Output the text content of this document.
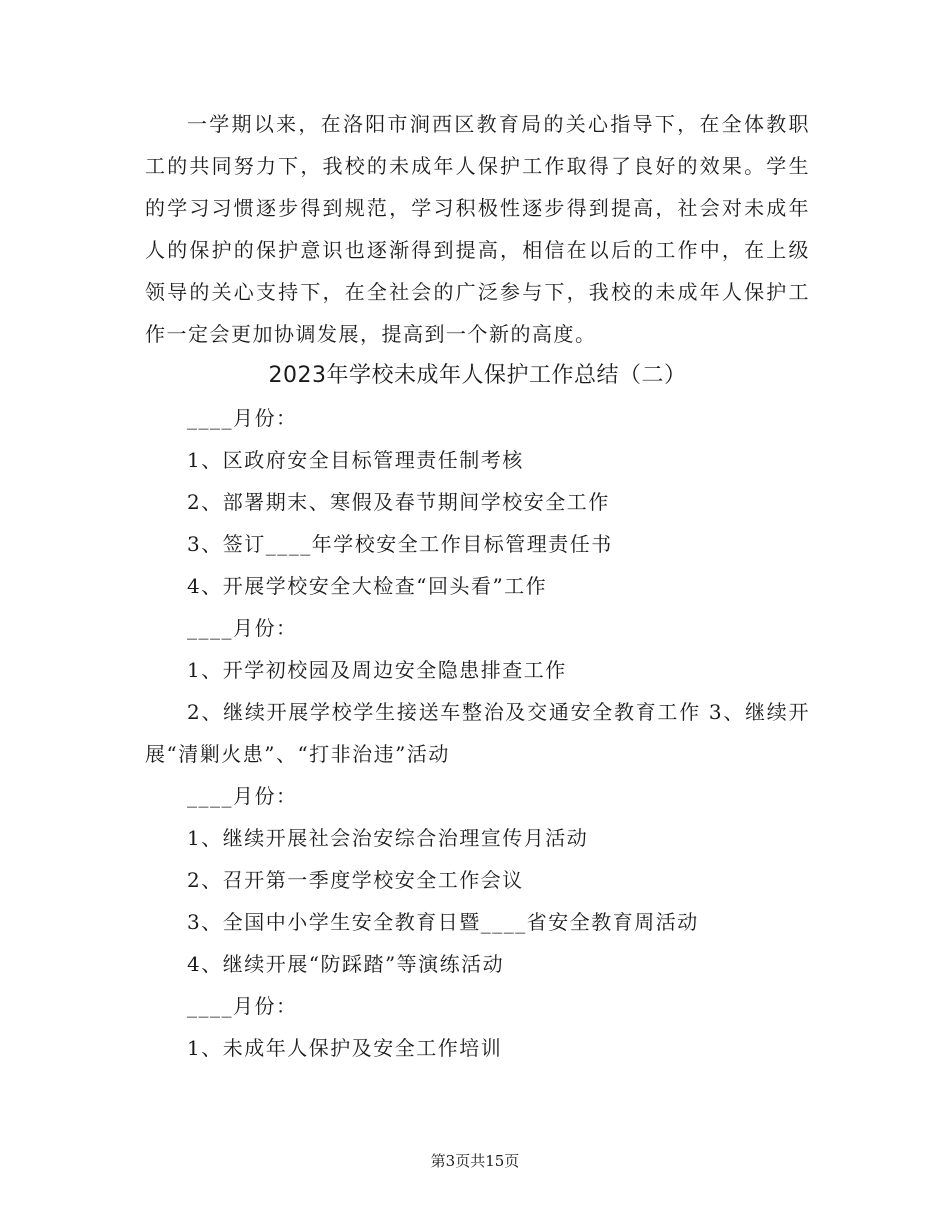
一学期以来，在洛阳市涧西区教育局的关心指导下，在全体教职工的共同努力下，我校的未成年人保护工作取得了良好的效果。学生的学习习惯逐步得到规范，学习积极性逐步得到提高，社会对未成年人的保护的保护意识也逐渐得到提高，相信在以后的工作中，在上级领导的关心支持下，在全社会的广泛参与下，我校的未成年人保护工作一定会更加协调发展，提高到一个新的高度。

2023年学校未成年人保护工作总结（二）

____月份：

1、区政府安全目标管理责任制考核

2、部署期末、寒假及春节期间学校安全工作

3、签订____年学校安全工作目标管理责任书

4、开展学校安全大检查“回头看”工作

____月份：

1、开学初校园及周边安全隐患排查工作

2、继续开展学校学生接送车整治及交通安全教育工作 3、继续开展“清剿火患”、“打非治违”活动

____月份：

1、继续开展社会治安综合治理宣传月活动

2、召开第一季度学校安全工作会议

3、全国中小学生安全教育日暨____省安全教育周活动

4、继续开展“防踩踏”等演练活动

____月份：

1、未成年人保护及安全工作培训

第3页共15页
